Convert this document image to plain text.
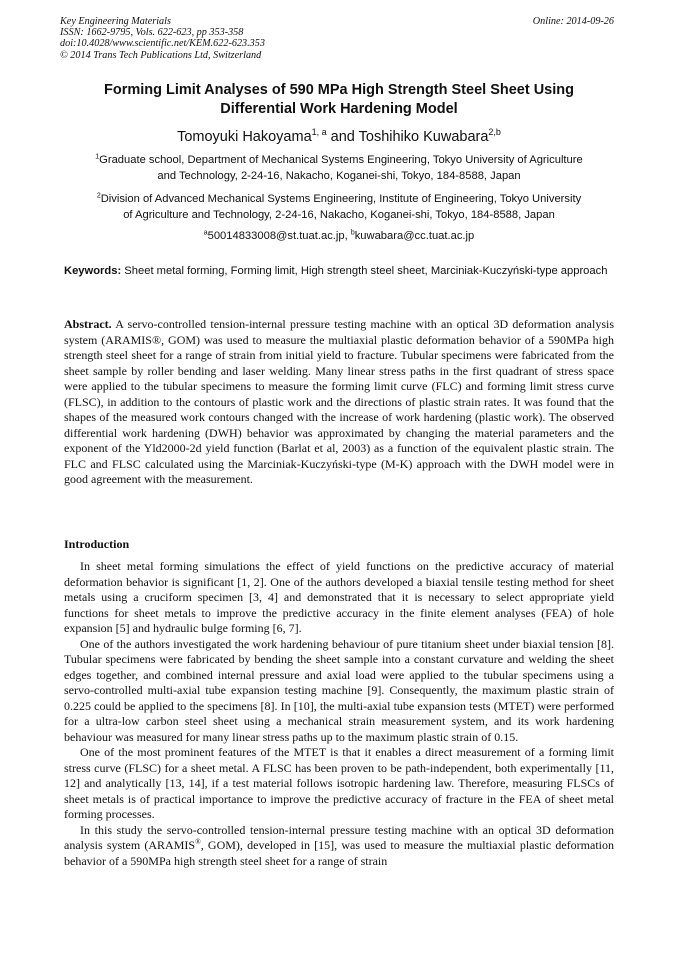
Key Engineering Materials
ISSN: 1662-9795, Vols. 622-623, pp 353-358
doi:10.4028/www.scientific.net/KEM.622-623.353
© 2014 Trans Tech Publications Ltd, Switzerland
Online: 2014-09-26
Forming Limit Analyses of 590 MPa High Strength Steel Sheet Using
Differential Work Hardening Model
Tomoyuki Hakoyama$^{1, a}$ and Toshihiko Kuwabara$^{2,b}$
$^1$Graduate school, Department of Mechanical Systems Engineering, Tokyo University of Agriculture
and Technology, 2-24-16, Nakacho, Koganei-shi, Tokyo, 184-8588, Japan
$^2$Division of Advanced Mechanical Systems Engineering, Institute of Engineering, Tokyo University
of Agriculture and Technology, 2-24-16, Nakacho, Koganei-shi, Tokyo, 184-8588, Japan
$^a$50014833008@st.tuat.ac.jp, $^b$kuwabara@cc.tuat.ac.jp
Keywords: Sheet metal forming, Forming limit, High strength steel sheet, Marciniak-Kuczyński-type approach
Abstract. A servo-controlled tension-internal pressure testing machine with an optical 3D deformation analysis system (ARAMIS®, GOM) was used to measure the multiaxial plastic deformation behavior of a 590MPa high strength steel sheet for a range of strain from initial yield to fracture. Tubular specimens were fabricated from the sheet sample by roller bending and laser welding. Many linear stress paths in the first quadrant of stress space were applied to the tubular specimens to measure the forming limit curve (FLC) and forming limit stress curve (FLSC), in addition to the contours of plastic work and the directions of plastic strain rates. It was found that the shapes of the measured work contours changed with the increase of work hardening (plastic work). The observed differential work hardening (DWH) behavior was approximated by changing the material parameters and the exponent of the Yld2000-2d yield function (Barlat et al, 2003) as a function of the equivalent plastic strain. The FLC and FLSC calculated using the Marciniak-Kuczyński-type (M-K) approach with the DWH model were in good agreement with the measurement.
Introduction

In sheet metal forming simulations the effect of yield functions on the predictive accuracy of material deformation behavior is significant [1, 2]. One of the authors developed a biaxial tensile testing method for sheet metals using a cruciform specimen [3, 4] and demonstrated that it is necessary to select appropriate yield functions for sheet metals to improve the predictive accuracy in the finite element analyses (FEA) of hole expansion [5] and hydraulic bulge forming [6, 7].

One of the authors investigated the work hardening behaviour of pure titanium sheet under biaxial tension [8]. Tubular specimens were fabricated by bending the sheet sample into a constant curvature and welding the sheet edges together, and combined internal pressure and axial load were applied to the tubular specimens using a servo-controlled multi-axial tube expansion testing machine [9]. Consequently, the maximum plastic strain of 0.225 could be applied to the specimens [8]. In [10], the multi-axial tube expansion tests (MTET) were performed for a ultra-low carbon steel sheet using a mechanical strain measurement system, and its work hardening behaviour was measured for many linear stress paths up to the maximum plastic strain of 0.15.

One of the most prominent features of the MTET is that it enables a direct measurement of a forming limit stress curve (FLSC) for a sheet metal. A FLSC has been proven to be path-independent, both experimentally [11, 12] and analytically [13, 14], if a test material follows isotropic hardening law. Therefore, measuring FLSCs of sheet metals is of practical importance to improve the predictive accuracy of fracture in the FEA of sheet metal forming processes.

In this study the servo-controlled tension-internal pressure testing machine with an optical 3D deformation analysis system (ARAMIS®, GOM), developed in [15], was used to measure the multiaxial plastic deformation behavior of a 590MPa high strength steel sheet for a range of strain
